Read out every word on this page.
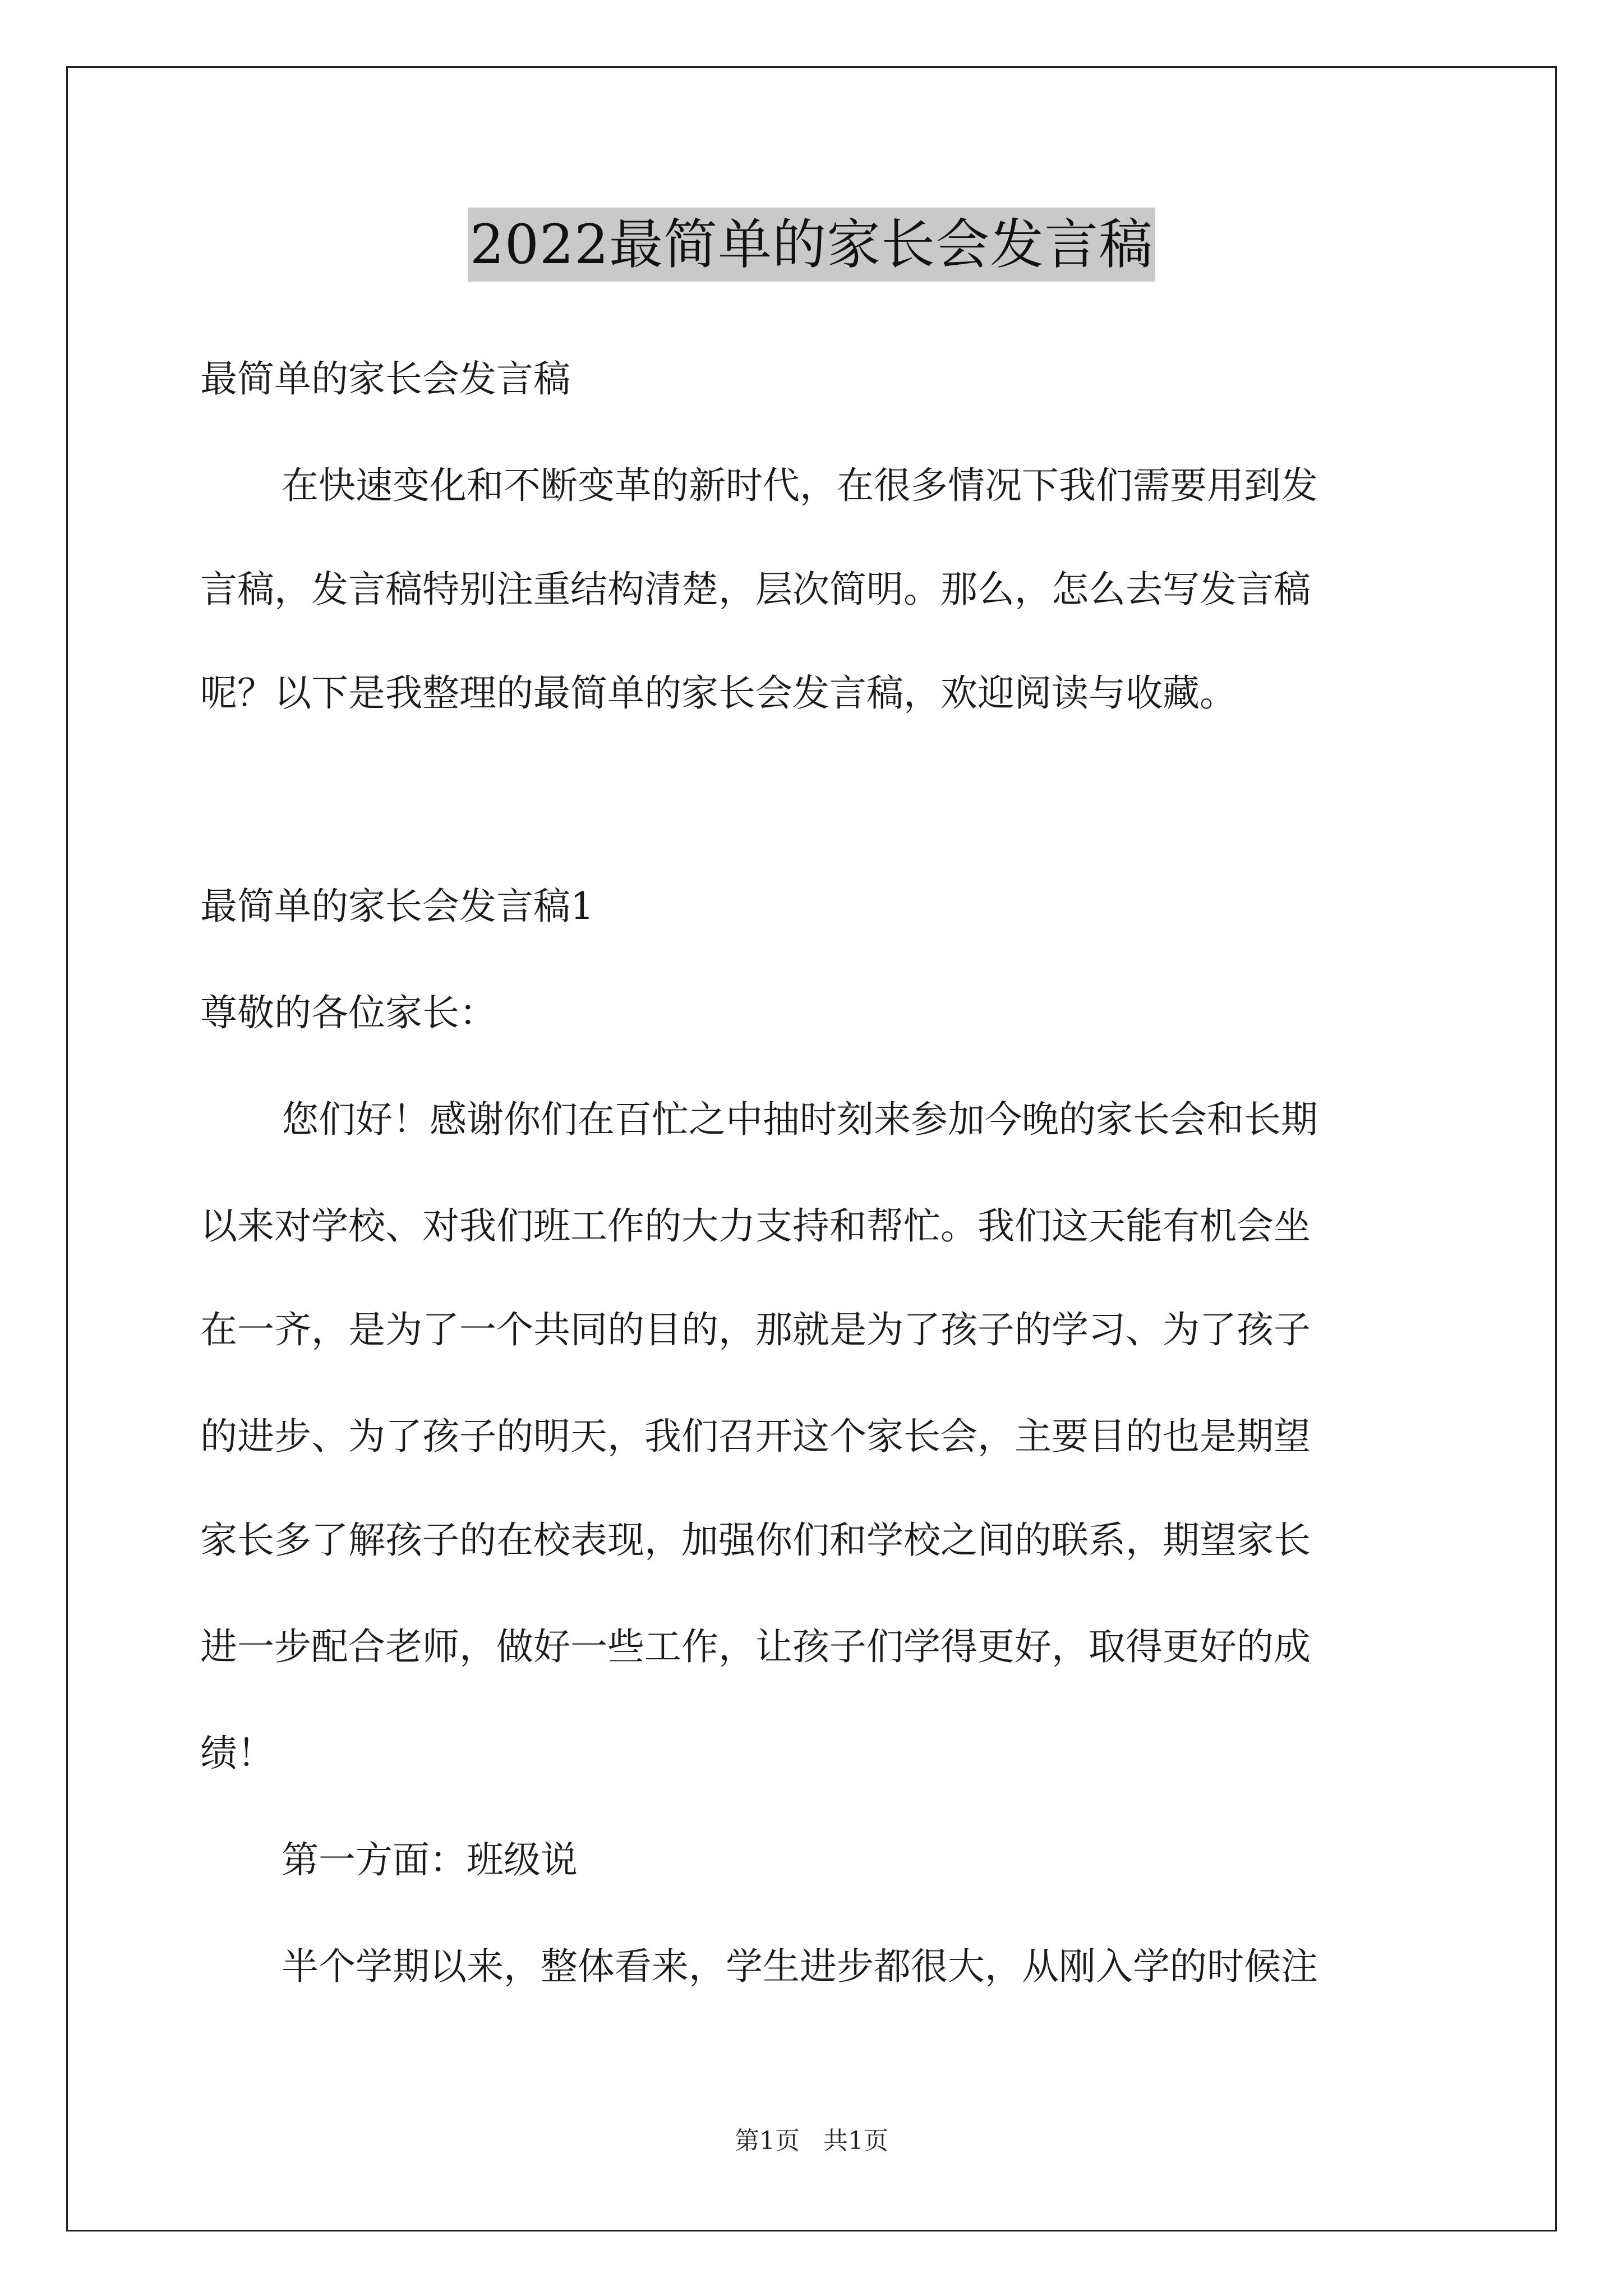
2022最简单的家长会发言稿

最简单的家长会发言稿

在快速变化和不断变革的新时代，在很多情况下我们需要用到发

言稿，发言稿特别注重结构清楚，层次简明。那么，怎么去写发言稿

呢？以下是我整理的最简单的家长会发言稿，欢迎阅读与收藏。

最简单的家长会发言稿1

尊敬的各位家长：

您们好！感谢你们在百忙之中抽时刻来参加今晚的家长会和长期

以来对学校、对我们班工作的大力支持和帮忙。我们这天能有机会坐

在一齐，是为了一个共同的目的，那就是为了孩子的学习、为了孩子

的进步、为了孩子的明天，我们召开这个家长会，主要目的也是期望

家长多了解孩子的在校表现，加强你们和学校之间的联系，期望家长

进一步配合老师，做好一些工作，让孩子们学得更好，取得更好的成

绩！

第一方面：班级说

半个学期以来，整体看来，学生进步都很大，从刚入学的时候注

第1页 共1页
